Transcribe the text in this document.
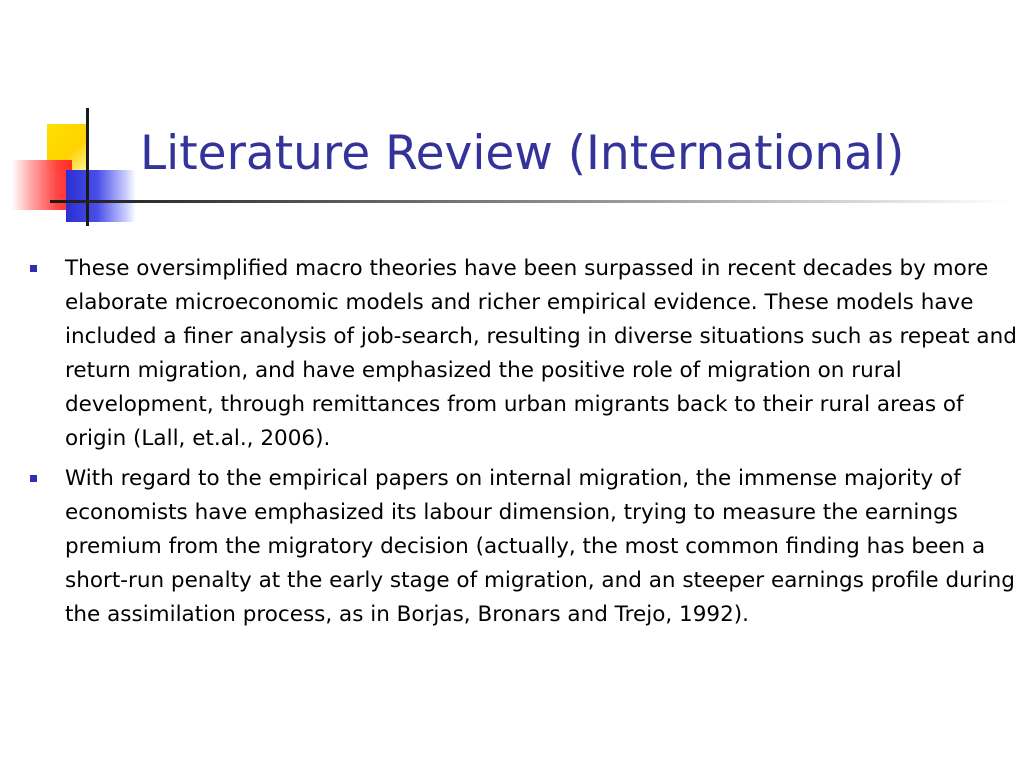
Literature Review (International)
These oversimplified macro theories have been surpassed in recent decades by more elaborate microeconomic models and richer empirical evidence. These models have included a finer analysis of job-search, resulting in diverse situations such as repeat and return migration, and have emphasized the positive role of migration on rural development, through remittances from urban migrants back to their rural areas of origin (Lall, et.al., 2006).
With regard to the empirical papers on internal migration, the immense majority of economists have emphasized its labour dimension, trying to measure the earnings premium from the migratory decision (actually, the most common finding has been a short-run penalty at the early stage of migration, and an steeper earnings profile during the assimilation process, as in Borjas, Bronars and Trejo, 1992).
